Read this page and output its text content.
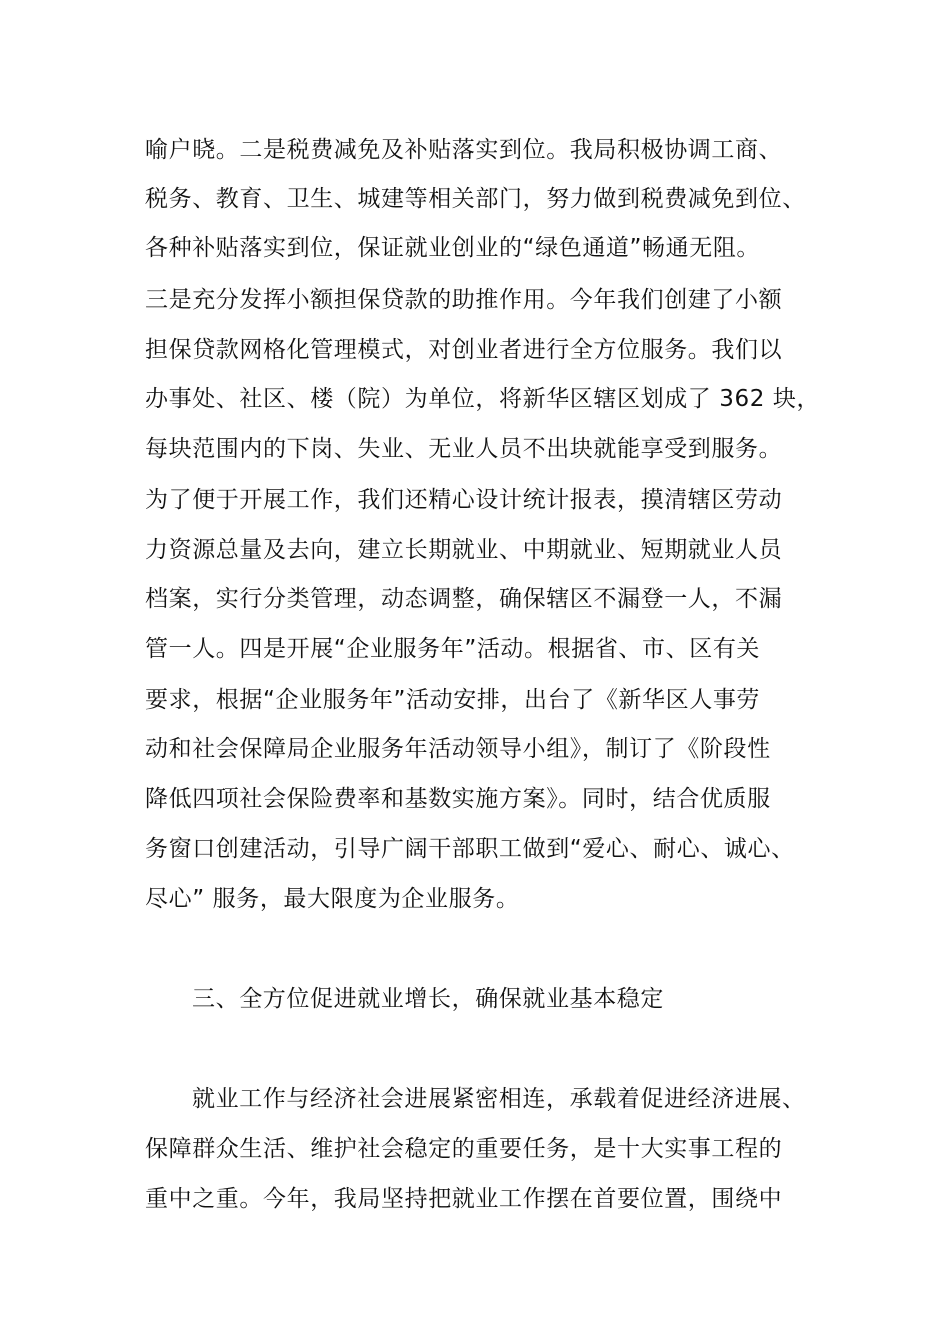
喻户晓。二是税费减免及补贴落实到位。我局积极协调工商、
税务、教育、卫生、城建等相关部门，努力做到税费减免到位、
各种补贴落实到位，保证就业创业的“绿色通道”畅通无阻。
三是充分发挥小额担保贷款的助推作用。今年我们创建了小额
担保贷款网格化管理模式，对创业者进行全方位服务。我们以
办事处、社区、楼（院）为单位，将新华区辖区划成了 362 块，
每块范围内的下岗、失业、无业人员不出块就能享受到服务。
为了便于开展工作，我们还精心设计统计报表，摸清辖区劳动
力资源总量及去向，建立长期就业、中期就业、短期就业人员
档案，实行分类管理，动态调整，确保辖区不漏登一人，不漏
管一人。四是开展“企业服务年”活动。根据省、市、区有关
要求，根据“企业服务年”活动安排，出台了《新华区人事劳
动和社会保障局企业服务年活动领导小组》，制订了《阶段性
降低四项社会保险费率和基数实施方案》。同时，结合优质服
务窗口创建活动，引导广阔干部职工做到“爱心、耐心、诚心、
尽心” 服务，最大限度为企业服务。
三、全方位促进就业增长，确保就业基本稳定
就业工作与经济社会进展紧密相连，承载着促进经济进展、
保障群众生活、维护社会稳定的重要任务，是十大实事工程的
重中之重。今年，我局坚持把就业工作摆在首要位置，围绕中
